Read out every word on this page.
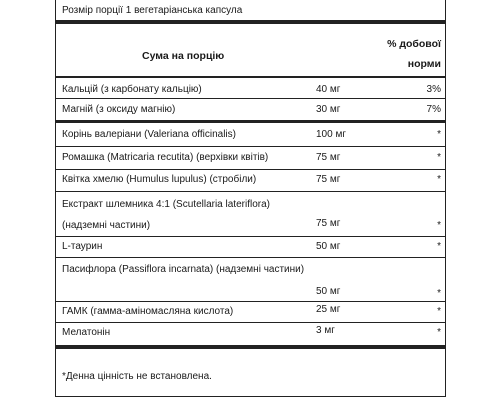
Розмір порції 1 вегетаріанська капсула
Сума на порцію
% добової
норми
Кальцій (з карбонату кальцію)	40 мг	3%
Магній (з оксиду магнію)	30 мг	7%
Корінь валеріани (Valeriana officinalis)	100 мг	*
Ромашка (Matricaria recutita) (верхівки квітів)	75 мг	*
Квітка хмелю (Humulus lupulus) (стробіли)	75 мг	*
Екстракт шлемника 4:1 (Scutellaria lateriflora)
(надземні частини)	75 мг	*
L-таурин	50 мг	*
Пасифлора (Passiflora incarnata) (надземні частини)
50 мг	*
ГАМК (гамма-аміномасляна кислота)	25 мг	*
Мелатонін	3 мг	*
*Денна цінність не встановлена.
